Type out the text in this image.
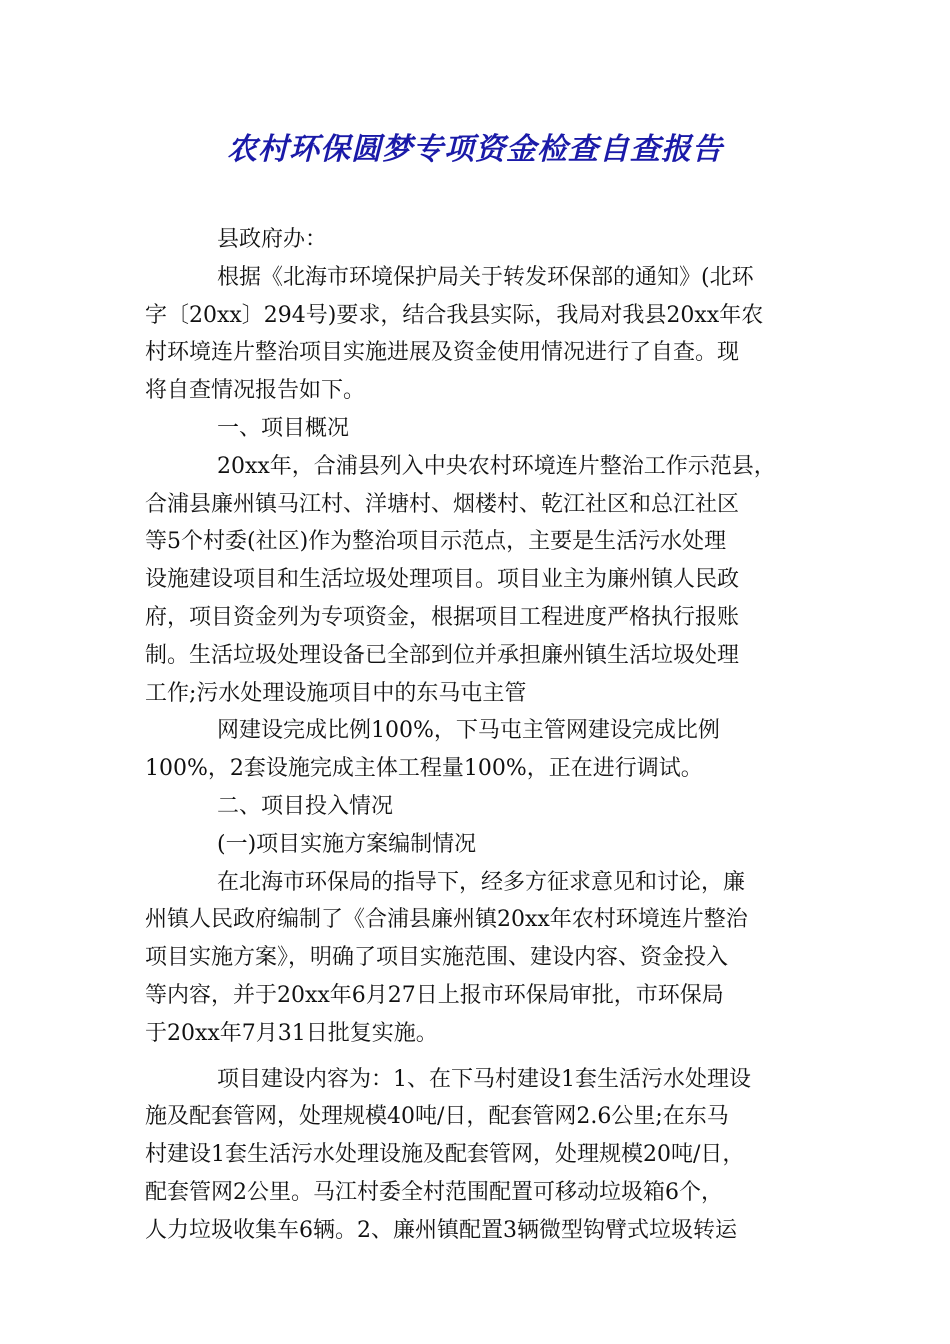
农村环保圆梦专项资金检查自查报告

县政府办：

根据《北海市环境保护局关于转发环保部的通知》(北环
字〔20xx〕294号)要求，结合我县实际，我局对我县20xx年农
村环境连片整治项目实施进展及资金使用情况进行了自查。现
将自查情况报告如下。

一、项目概况

20xx年，合浦县列入中央农村环境连片整治工作示范县，
合浦县廉州镇马江村、洋塘村、烟楼村、乾江社区和总江社区
等5个村委(社区)作为整治项目示范点，主要是生活污水处理
设施建设项目和生活垃圾处理项目。项目业主为廉州镇人民政
府，项目资金列为专项资金，根据项目工程进度严格执行报账
制。生活垃圾处理设备已全部到位并承担廉州镇生活垃圾处理
工作;污水处理设施项目中的东马屯主管

网建设完成比例100%，下马屯主管网建设完成比例
100%，2套设施完成主体工程量100%，正在进行调试。

二、项目投入情况

(一)项目实施方案编制情况

在北海市环保局的指导下，经多方征求意见和讨论，廉
州镇人民政府编制了《合浦县廉州镇20xx年农村环境连片整治
项目实施方案》，明确了项目实施范围、建设内容、资金投入
等内容，并于20xx年6月27日上报市环保局审批，市环保局
于20xx年7月31日批复实施。

项目建设内容为：1、在下马村建设1套生活污水处理设
施及配套管网，处理规模40吨/日，配套管网2.6公里;在东马
村建设1套生活污水处理设施及配套管网，处理规模20吨/日，
配套管网2公里。马江村委全村范围配置可移动垃圾箱6个，
人力垃圾收集车6辆。2、廉州镇配置3辆微型钩臂式垃圾转运
